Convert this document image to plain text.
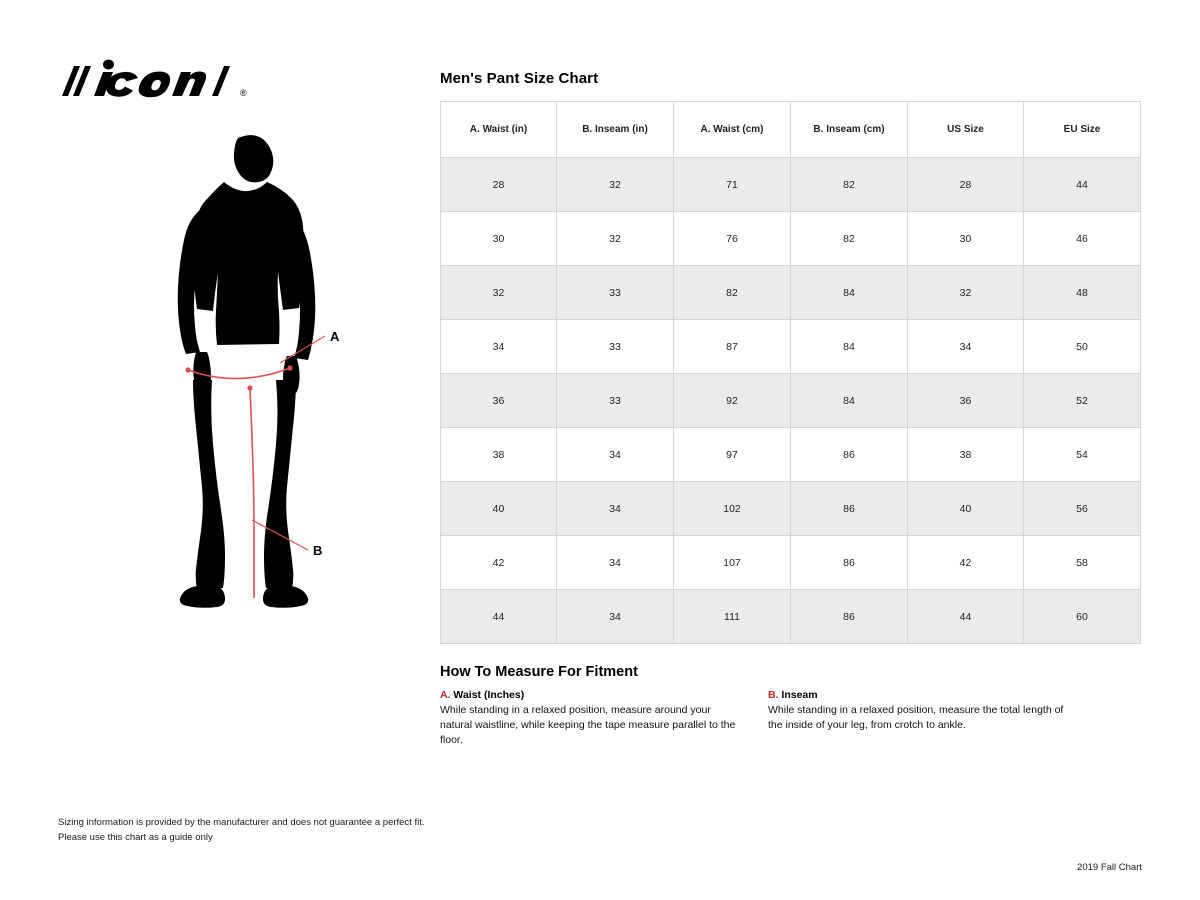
®
A
B
Men's Pant Size Chart
A. Waist (in)	B. Inseam (in)	A. Waist (cm)	B. Inseam (cm)	US Size	EU Size
28	32	71	82	28	44
30	32	76	82	30	46
32	33	82	84	32	48
34	33	87	84	34	50
36	33	92	84	36	52
38	34	97	86	38	54
40	34	102	86	40	56
42	34	107	86	42	58
44	34	111	86	44	60
How To Measure For Fitment
A. Waist (Inches)
While standing in a relaxed position, measure around your natural waistline, while keeping the tape measure parallel to the floor.
B. Inseam
While standing in a relaxed position, measure the total length of the inside of your leg, from crotch to ankle.
Sizing information is provided by the manufacturer and does not guarantee a perfect fit.
Please use this chart as a guide only
2019 Fall Chart
